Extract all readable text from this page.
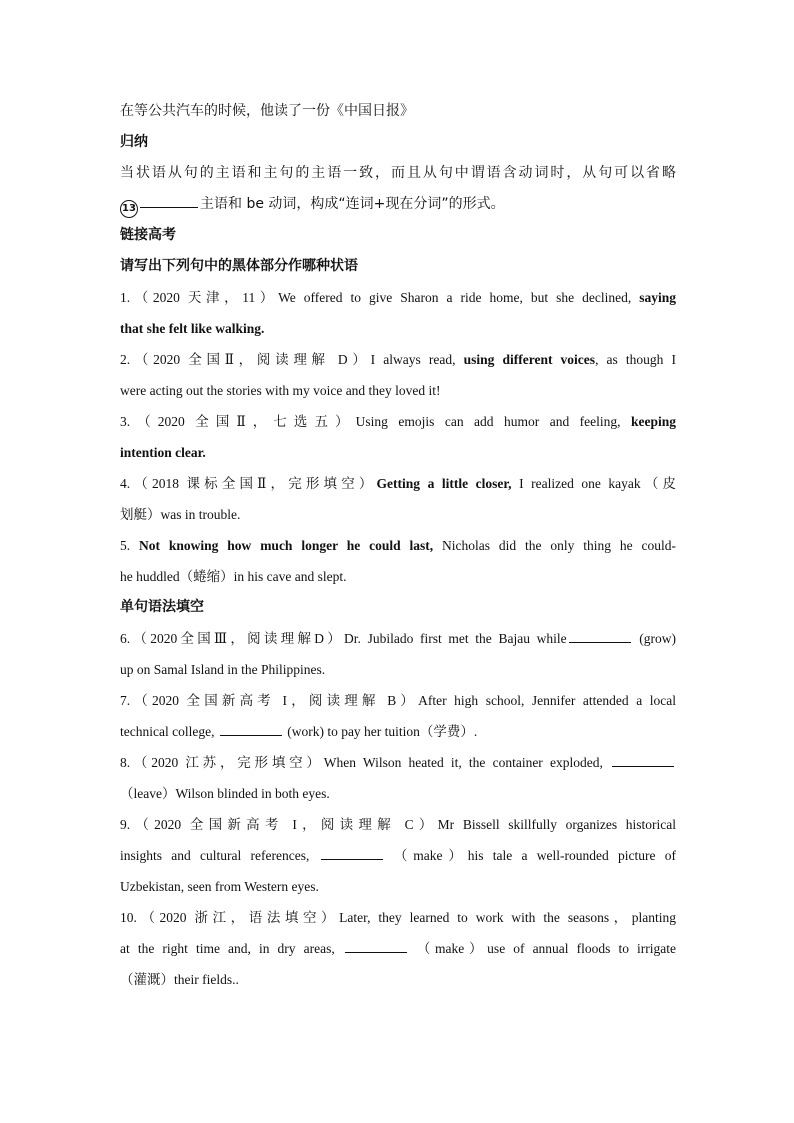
在等公共汽车的时候，他读了一份《中国日报》
归纳
当状语从句的主语和主句的主语一致，而且从句中谓语含动词时，从句可以省略
13	主语和 be 动词，构成“连词+现在分词”的形式。
链接高考
请写出下列句中的黑体部分作哪种状语
1.（2020 天津，11）We offered to give Sharon a ride home, but she declined, saying
that she felt like walking.
2.（2020 全国Ⅱ，阅读理解 D）I always read, using different voices, as though I
were acting out the stories with my voice and they loved it!
3.（2020 全国Ⅱ，七选五）Using emojis can add humor and feeling, keeping
intention clear.
4.（2018 课标全国Ⅱ，完形填空）Getting a little closer, I realized one kayak（皮
划艇）was in trouble.
5. Not knowing how much longer he could last, Nicholas did the only thing he could-
he huddled（蜷缩）in his cave and slept.
单句语法填空
6.（2020全国Ⅲ，阅读理解D）Dr. Jubilado first met the Bajau while	(grow)
up on Samal Island in the Philippines.
7.（2020 全国新高考 I，阅读理解 B）After high school, Jennifer attended a local
technical college,	(work) to pay her tuition（学费）.
8.（2020 江苏，完形填空）When Wilson heated it, the container exploded,
（leave）Wilson blinded in both eyes.
9.（2020 全国新高考 I，阅读理解 C）Mr Bissell skillfully organizes historical
insights and cultural references,	（make）his tale a well-rounded picture of
Uzbekistan, seen from Western eyes.
10.（2020 浙江，语法填空）Later, they learned to work with the seasons，planting
at the right time and, in dry areas,	（make）use of annual floods to irrigate
（灌溉）their fields..
